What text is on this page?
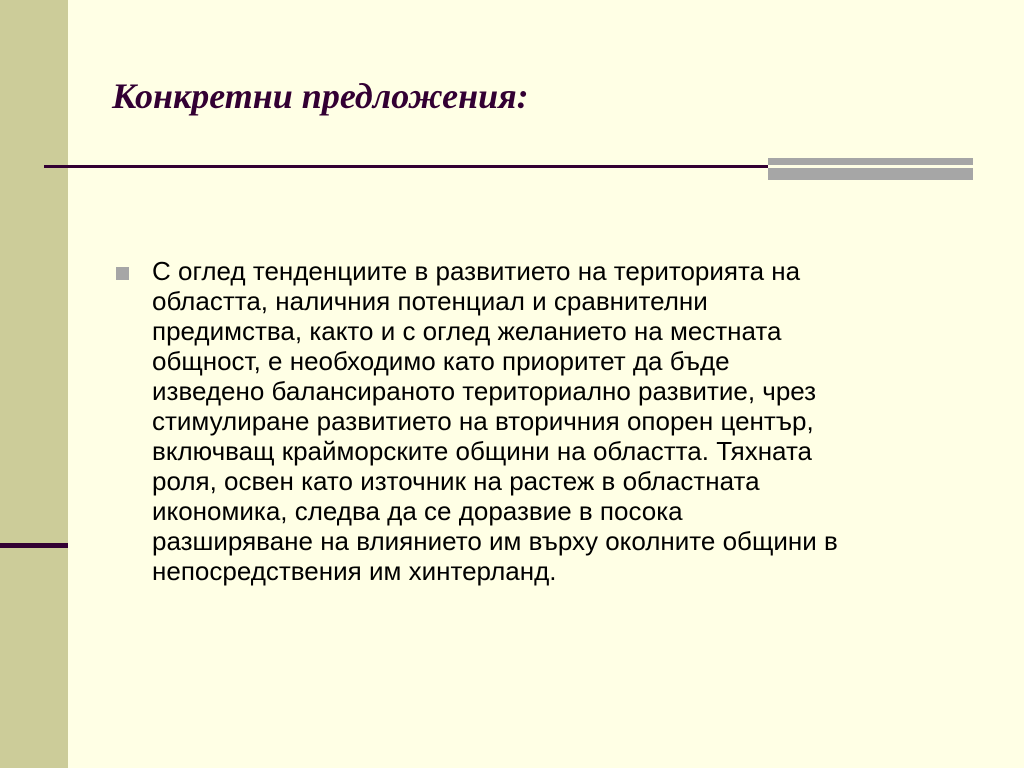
Конкретни предложения:

С оглед тенденциите в развитието на територията на
областта, наличния потенциал и сравнителни
предимства, както и с оглед желанието на местната
общност, е необходимо като приоритет да бъде
изведено балансираното териториално развитие, чрез
стимулиране развитието на вторичния опорен център,
включващ крайморските общини на областта. Тяхната
роля, освен като източник на растеж в областната
икономика, следва да се доразвие в посока
разширяване на влиянието им върху околните общини в
непосредствения им хинтерланд.
